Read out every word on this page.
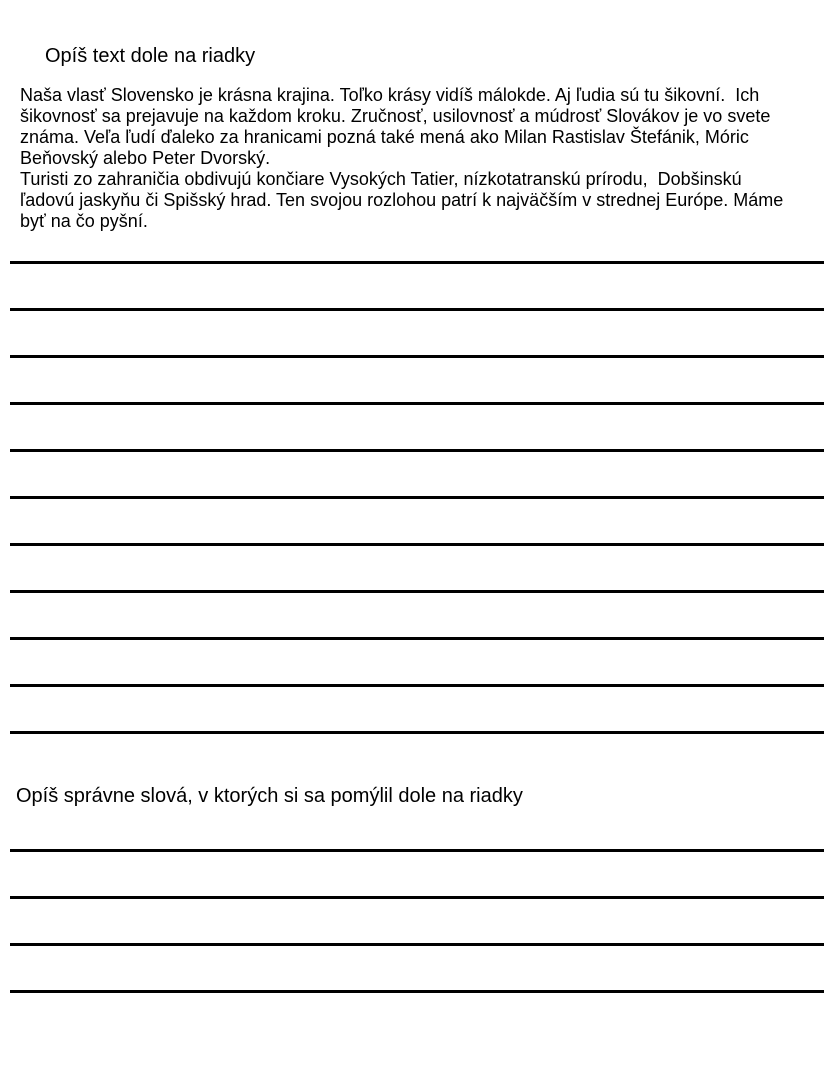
Opíš text dole na riadky
Naša vlasť Slovensko je krásna krajina. Toľko krásy vidíš málokde. Aj ľudia sú tu šikovní.  Ich
šikovnosť sa prejavuje na každom kroku. Zručnosť, usilovnosť a múdrosť Slovákov je vo svete
známa. Veľa ľudí ďaleko za hranicami pozná také mená ako Milan Rastislav Štefánik, Móric
Beňovský alebo Peter Dvorský.
Turisti zo zahraničia obdivujú končiare Vysokých Tatier, nízkotatranskú prírodu,  Dobšinskú
ľadovú jaskyňu či Spišský hrad. Ten svojou rozlohou patrí k najväčším v strednej Európe. Máme
byť na čo pyšní.
Opíš správne slová, v ktorých si sa pomýlil dole na riadky
